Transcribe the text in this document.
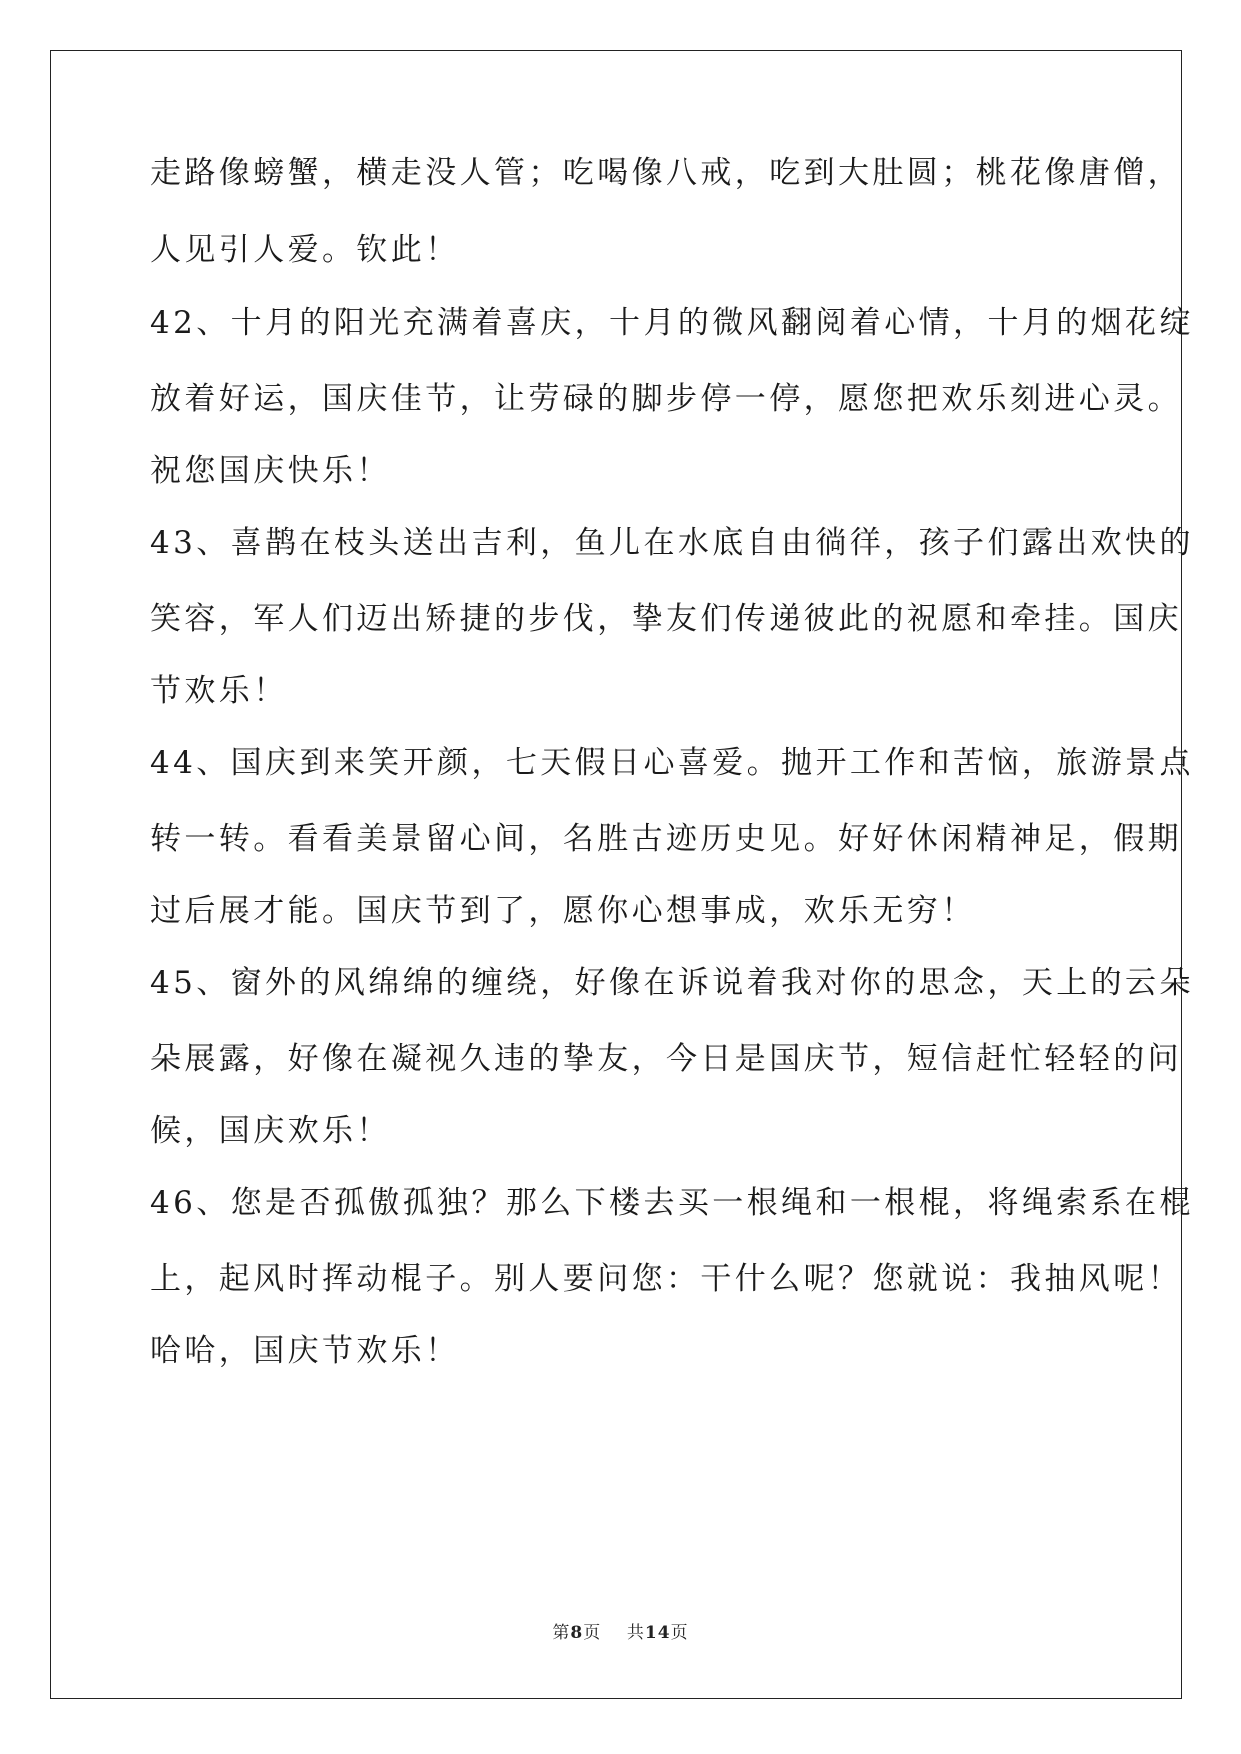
走路像螃蟹，横走没人管；吃喝像八戒，吃到大肚圆；桃花像唐僧，
人见引人爱。钦此！
42、十月的阳光充满着喜庆，十月的微风翻阅着心情，十月的烟花绽
放着好运，国庆佳节，让劳碌的脚步停一停，愿您把欢乐刻进心灵。
祝您国庆快乐！
43、喜鹊在枝头送出吉利，鱼儿在水底自由徜徉，孩子们露出欢快的
笑容，军人们迈出矫捷的步伐，挚友们传递彼此的祝愿和牵挂。国庆
节欢乐！
44、国庆到来笑开颜，七天假日心喜爱。抛开工作和苦恼，旅游景点
转一转。看看美景留心间，名胜古迹历史见。好好休闲精神足，假期
过后展才能。国庆节到了，愿你心想事成，欢乐无穷！
45、窗外的风绵绵的缠绕，好像在诉说着我对你的思念，天上的云朵
朵展露，好像在凝视久违的挚友，今日是国庆节，短信赶忙轻轻的问
候，国庆欢乐！
46、您是否孤傲孤独？那么下楼去买一根绳和一根棍，将绳索系在棍
上，起风时挥动棍子。别人要问您：干什么呢？您就说：我抽风呢！
哈哈，国庆节欢乐！
第8页 共14页
